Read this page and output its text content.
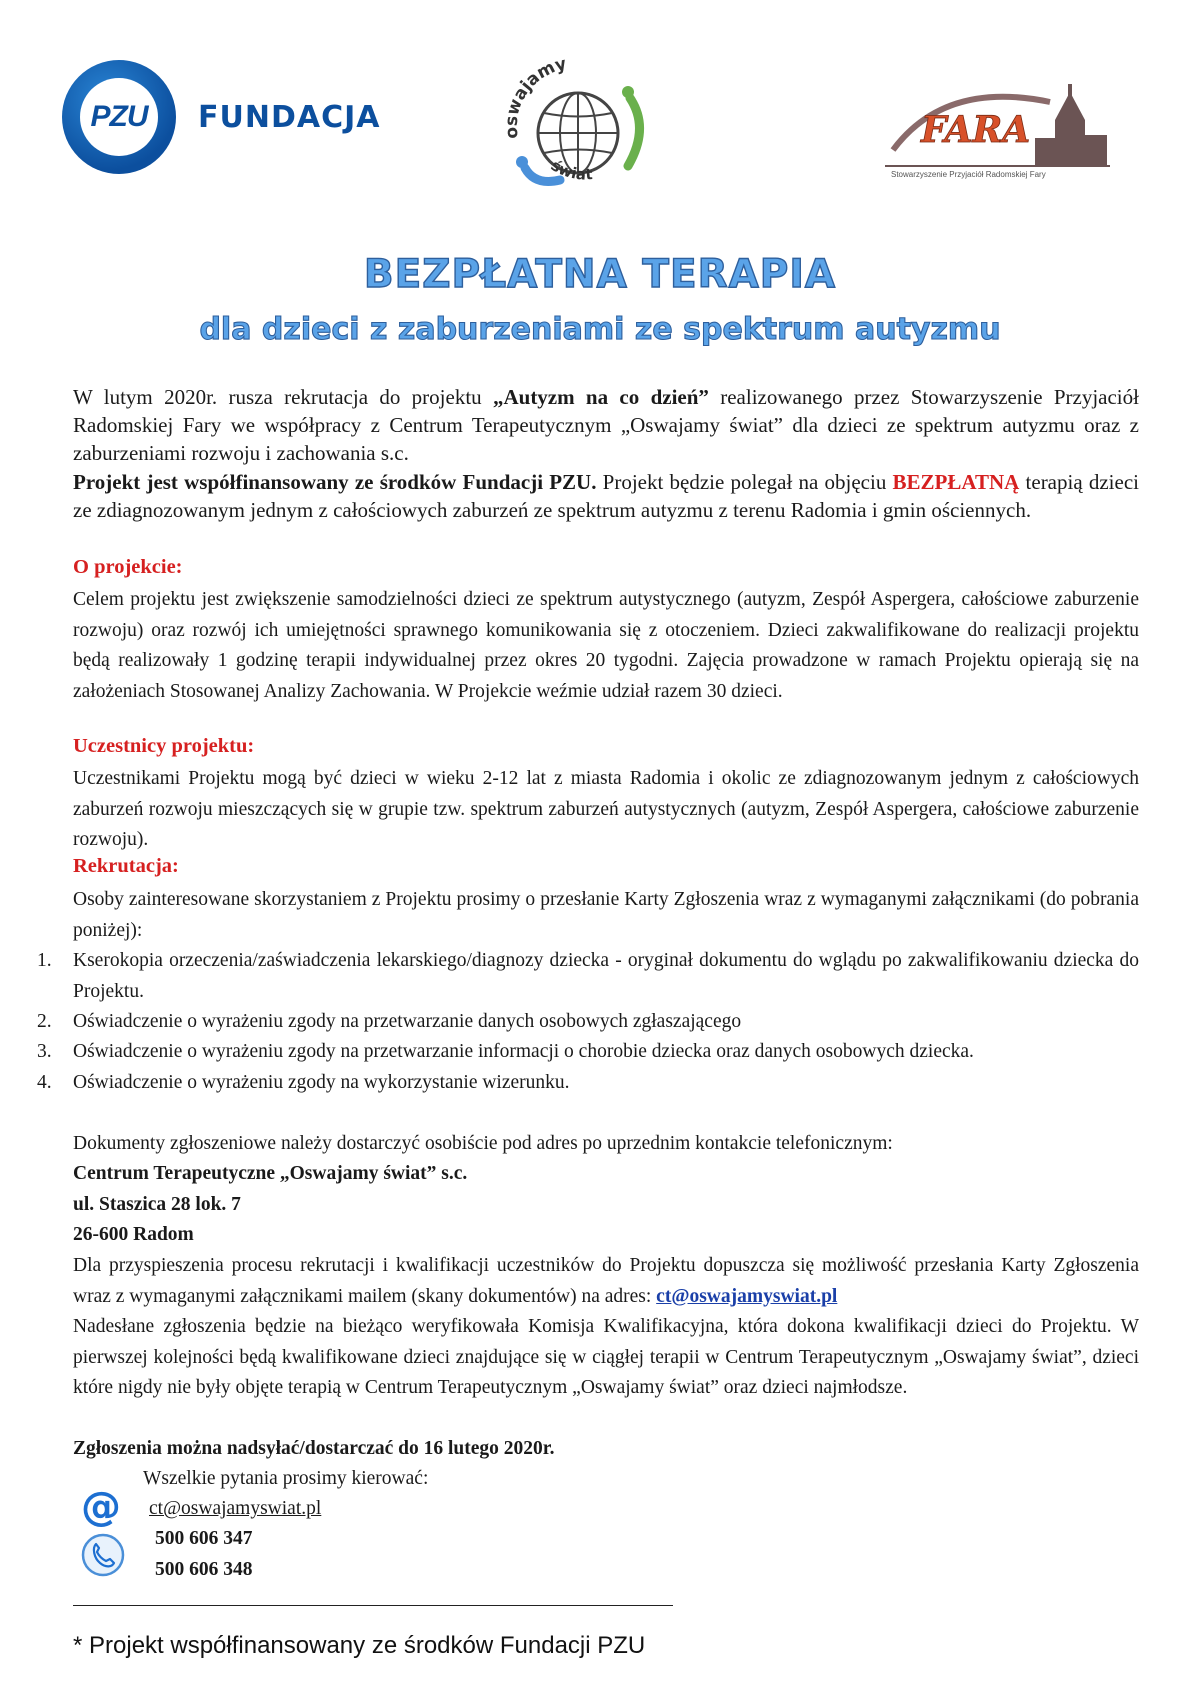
PZU FUNDACJA	oswajamy
świat
FARA
Stowarzyszenie Przyjaciół Radomskiej Fary
BEZPŁATNA TERAPIA
dla dzieci z zaburzeniami ze spektrum autyzmu
W lutym 2020r. rusza rekrutacja do projektu „Autyzm na co dzień” realizowanego przez Stowarzyszenie Przyjaciół Radomskiej Fary we współpracy z Centrum Terapeutycznym „Oswajamy świat” dla dzieci ze spektrum autyzmu oraz z zaburzeniami rozwoju i zachowania s.c.
Projekt jest współfinansowany ze środków Fundacji PZU. Projekt będzie polegał na objęciu BEZPŁATNĄ terapią dzieci ze zdiagnozowanym jednym z całościowych zaburzeń ze spektrum autyzmu z terenu Radomia i gmin ościennych.
O projekcie:
Celem projektu jest zwiększenie samodzielności dzieci ze spektrum autystycznego (autyzm, Zespół Aspergera, całościowe zaburzenie rozwoju) oraz rozwój ich umiejętności sprawnego komunikowania się z otoczeniem. Dzieci zakwalifikowane do realizacji projektu będą realizowały 1 godzinę terapii indywidualnej przez okres 20 tygodni. Zajęcia prowadzone w ramach Projektu opierają się na założeniach Stosowanej Analizy Zachowania. W Projekcie weźmie udział razem 30 dzieci.
Uczestnicy projektu:
Uczestnikami Projektu mogą być dzieci w wieku 2-12 lat z miasta Radomia i okolic ze zdiagnozowanym jednym z całościowych zaburzeń rozwoju mieszczących się w grupie tzw. spektrum zaburzeń autystycznych (autyzm, Zespół Aspergera, całościowe zaburzenie rozwoju).
Rekrutacja:
Osoby zainteresowane skorzystaniem z Projektu prosimy o przesłanie Karty Zgłoszenia wraz z wymaganymi załącznikami (do pobrania poniżej):
1.	Kserokopia orzeczenia/zaświadczenia lekarskiego/diagnozy dziecka - oryginał dokumentu do wglądu po zakwalifikowaniu dziecka do Projektu.
2.	Oświadczenie o wyrażeniu zgody na przetwarzanie danych osobowych zgłaszającego
3.	Oświadczenie o wyrażeniu zgody na przetwarzanie informacji o chorobie dziecka oraz danych osobowych dziecka.
4.	Oświadczenie o wyrażeniu zgody na wykorzystanie wizerunku.
Dokumenty zgłoszeniowe należy dostarczyć osobiście pod adres po uprzednim kontakcie telefonicznym:
Centrum Terapeutyczne „Oswajamy świat” s.c.
ul. Staszica 28 lok. 7
26-600 Radom
Dla przyspieszenia procesu rekrutacji i kwalifikacji uczestników do Projektu dopuszcza się możliwość przesłania Karty Zgłoszenia wraz z wymaganymi załącznikami mailem (skany dokumentów) na adres: ct@oswajamyswiat.pl
Nadesłane zgłoszenia będzie na bieżąco weryfikowała Komisja Kwalifikacyjna, która dokona kwalifikacji dzieci do Projektu. W pierwszej kolejności będą kwalifikowane dzieci znajdujące się w ciągłej terapii w Centrum Terapeutycznym „Oswajamy świat”, dzieci które nigdy nie były objęte terapią w Centrum Terapeutycznym „Oswajamy świat” oraz dzieci najmłodsze.
Zgłoszenia można nadsyłać/dostarczać do 16 lutego 2020r.
Wszelkie pytania prosimy kierować:
@ ct@oswajamyswiat.pl
500 606 347
500 606 348
* Projekt współfinansowany ze środków Fundacji PZU
